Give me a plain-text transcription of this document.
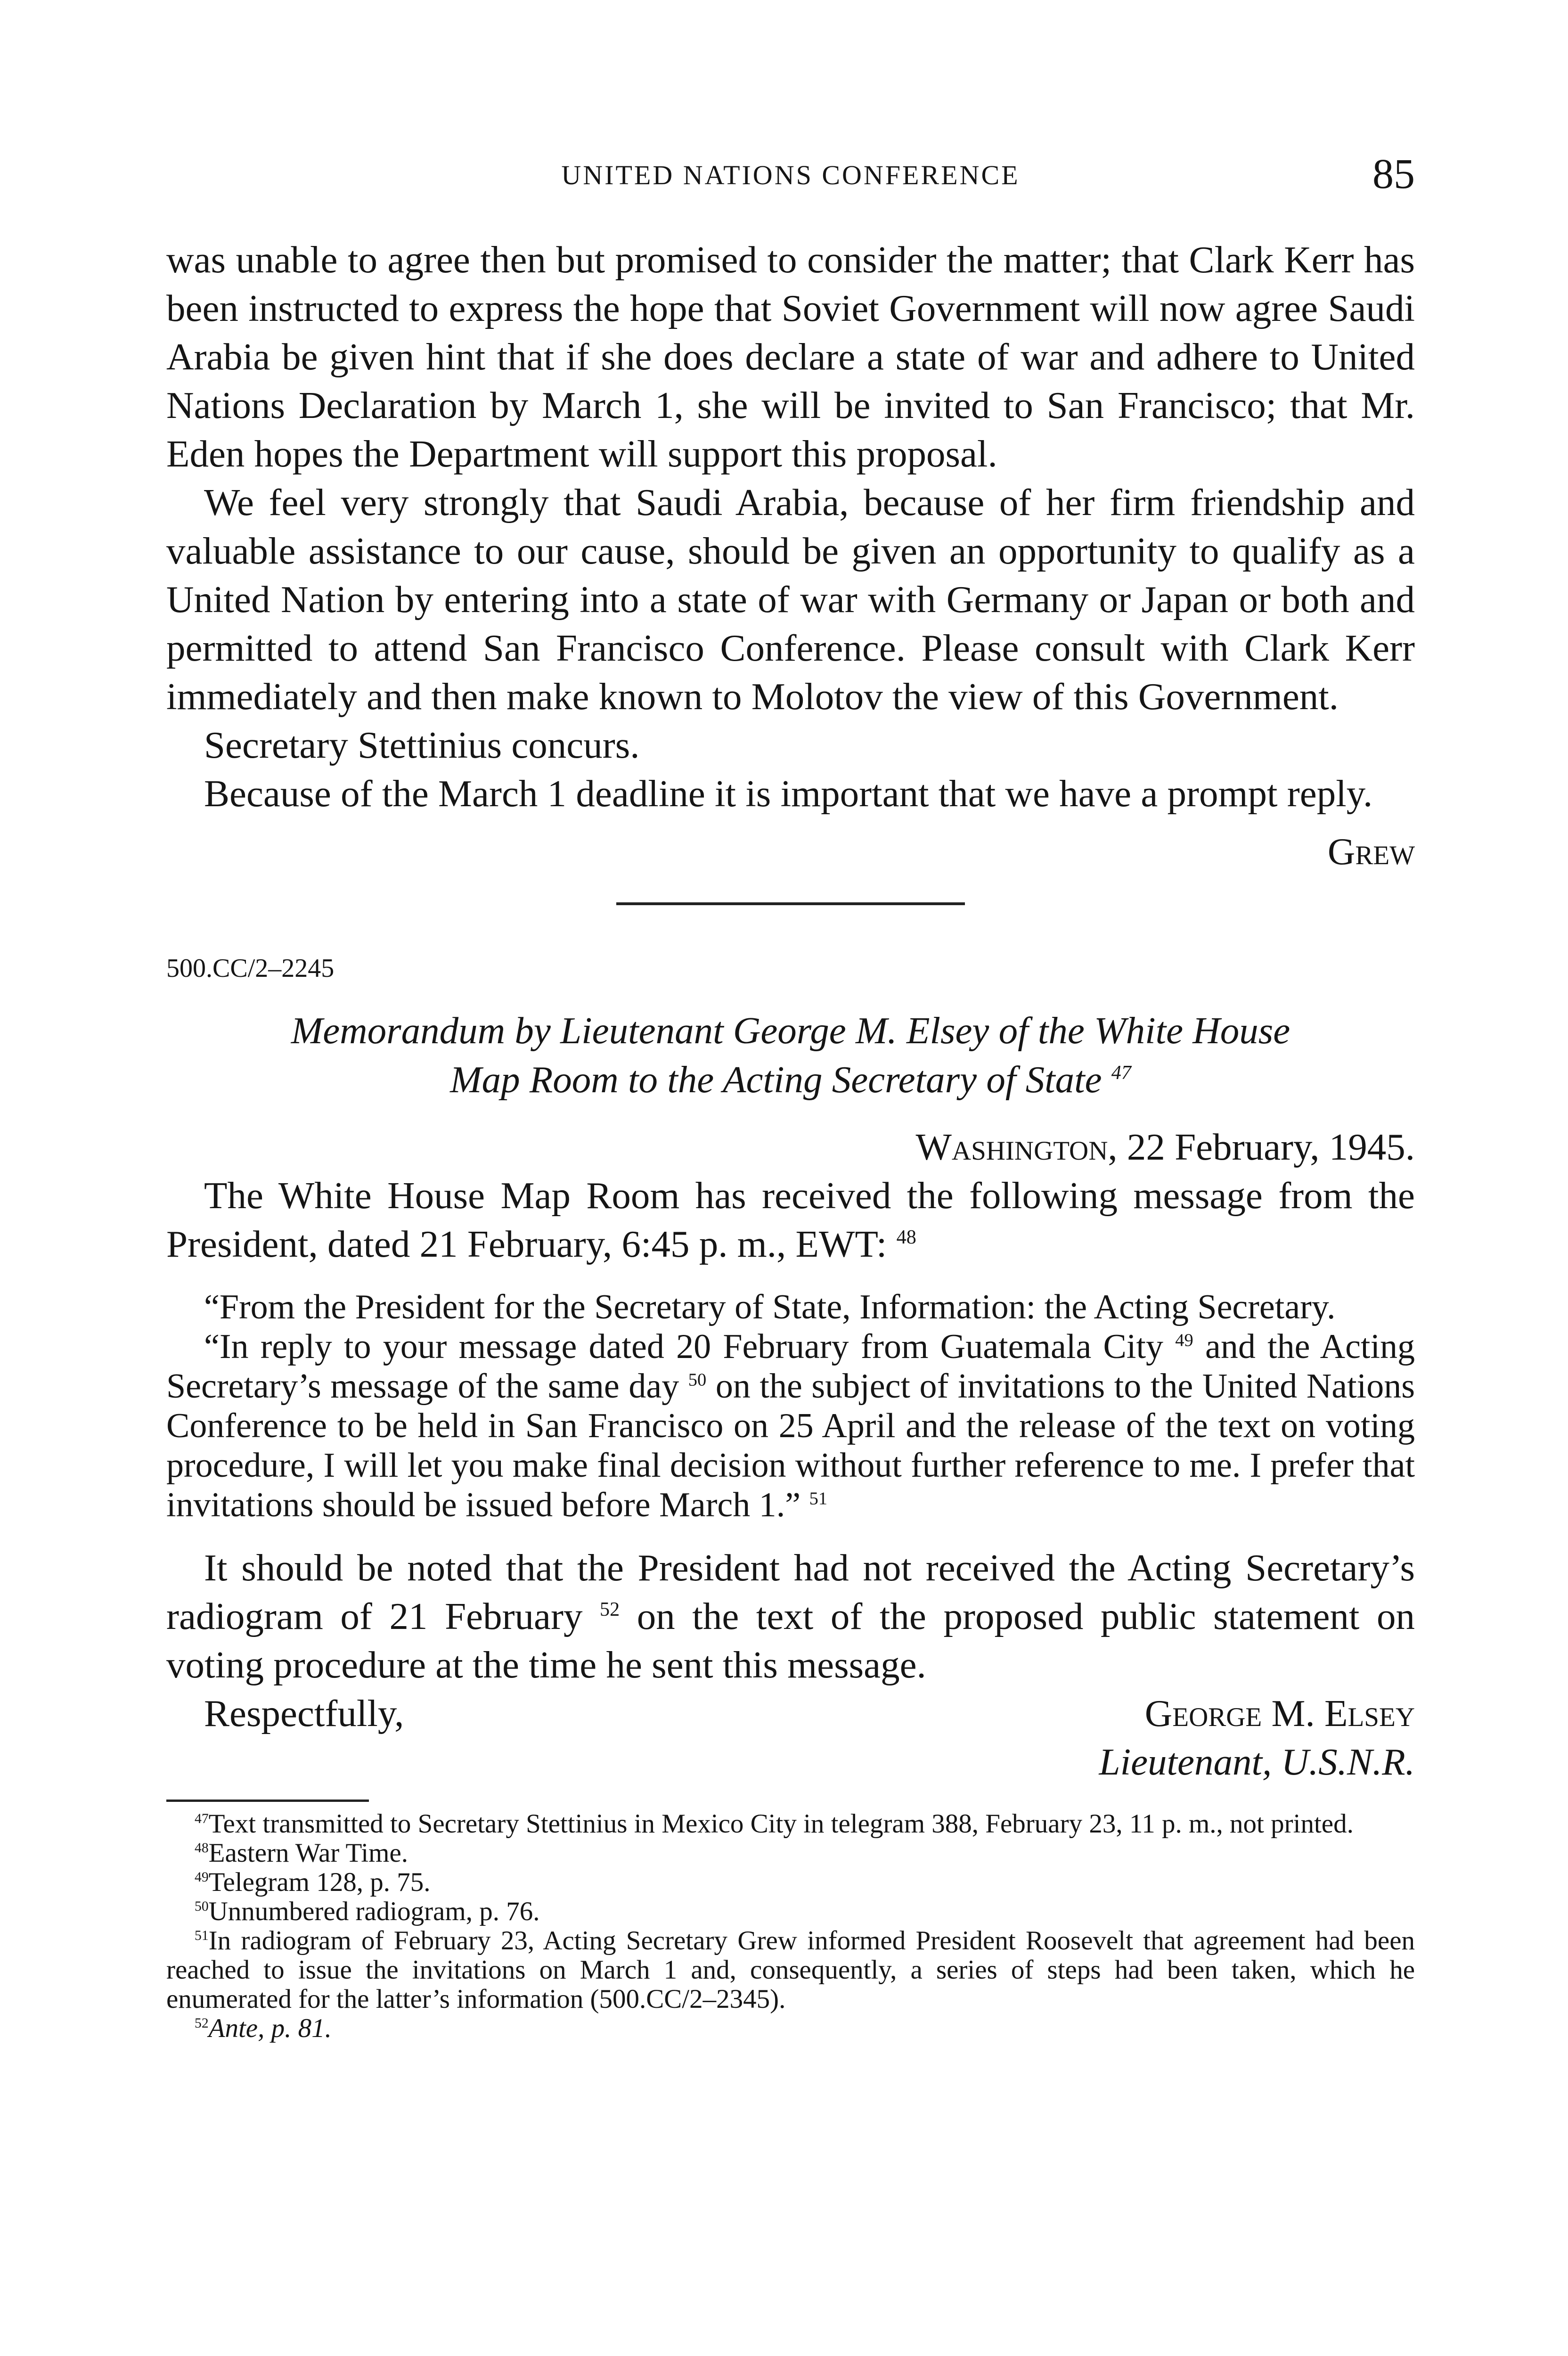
UNITED NATIONS CONFERENCE	85

was unable to agree then but promised to consider the matter; that Clark Kerr has been instructed to express the hope that Soviet Government will now agree Saudi Arabia be given hint that if she does declare a state of war and adhere to United Nations Declaration by March 1, she will be invited to San Francisco; that Mr. Eden hopes the Department will support this proposal.

We feel very strongly that Saudi Arabia, because of her firm friendship and valuable assistance to our cause, should be given an opportunity to qualify as a United Nation by entering into a state of war with Germany or Japan or both and permitted to attend San Francisco Conference. Please consult with Clark Kerr immediately and then make known to Molotov the view of this Government.

Secretary Stettinius concurs.

Because of the March 1 deadline it is important that we have a prompt reply.

Grew

500.CC/2–2245

Memorandum by Lieutenant George M. Elsey of the White House

Map Room to the Acting Secretary of State $^{47}$

Washington, 22 February, 1945.

The White House Map Room has received the following message from the President, dated 21 February, 6:45 p. m., EWT: $^{48}$

“From the President for the Secretary of State, Information: the Acting Secretary.

“In reply to your message dated 20 February from Guatemala City $^{49}$ and the Acting Secretary’s message of the same day $^{50}$ on the subject of invitations to the United Nations Conference to be held in San Francisco on 25 April and the release of the text on voting procedure, I will let you make final decision without further reference to me. I prefer that invitations should be issued before March 1.” $^{51}$

It should be noted that the President had not received the Acting Secretary’s radiogram of 21 February $^{52}$ on the text of the proposed public statement on voting procedure at the time he sent this message.

Respectfully,	George M. Elsey

Lieutenant, U.S.N.R.

$^{47}$Text transmitted to Secretary Stettinius in Mexico City in telegram 388, February 23, 11 p. m., not printed.

$^{48}$Eastern War Time.

$^{49}$Telegram 128, p. 75.

$^{50}$Unnumbered radiogram, p. 76.

$^{51}$In radiogram of February 23, Acting Secretary Grew informed President Roosevelt that agreement had been reached to issue the invitations on March 1 and, consequently, a series of steps had been taken, which he enumerated for the latter’s information (500.CC/2–2345).

$^{52}$Ante, p. 81.
